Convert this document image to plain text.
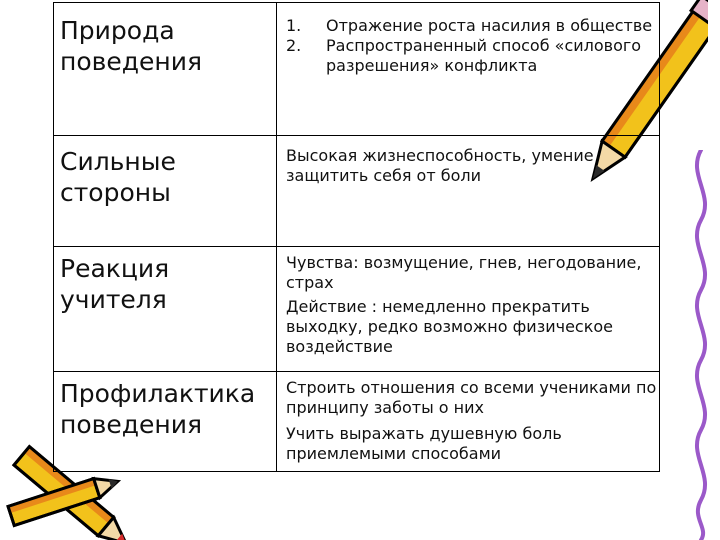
Природа поведения
1.	Отражение роста насилия в обществе
2.	Распространенный способ «силового разрешения» конфликта
Сильные стороны

Высокая жизнеспособность, умение защитить себя от боли

Реакция учителя

Чувства: возмущение, гнев, негодование, страх

Действие : немедленно прекратить выходку, редко возможно физическое воздействие

Профилактика поведения

Строить отношения со всеми учениками по принципу заботы о них

Учить выражать душевную боль приемлемыми способами
